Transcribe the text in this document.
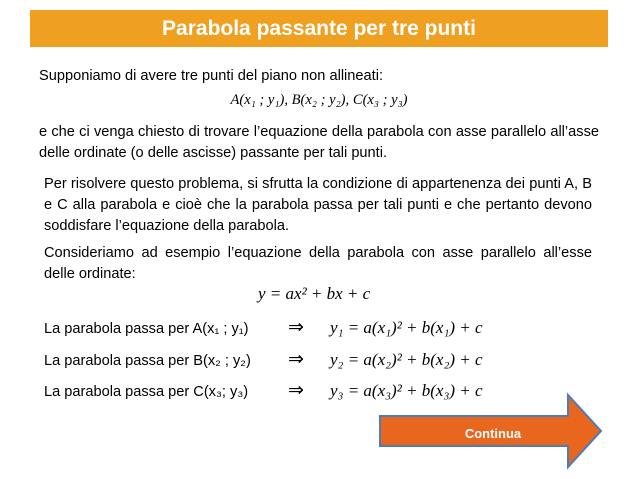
Parabola passante per tre punti
Supponiamo di avere tre punti del piano non allineati:
A(x₁ ; y₁), B(x₂ ; y₂), C(x₃ ; y₃)
e che ci venga chiesto di trovare l’equazione della parabola con asse parallelo all’asse delle ordinate (o delle ascisse) passante per tali punti.
Per risolvere questo problema, si sfrutta la condizione di appartenenza dei punti A, B e C alla parabola e cioè che la parabola passa per tali punti e che pertanto devono soddisfare l’equazione della parabola.
Consideriamo ad esempio l’equazione della parabola con asse parallelo all’esse delle ordinate:
y = ax² + bx + c
La parabola passa per A(x₁ ; y₁) ⇒ y₁ = a(x₁)² + b(x₁) + c
La parabola passa per B(x₂ ; y₂) ⇒ y₂ = a(x₂)² + b(x₂) + c
La parabola passa per C(x₃; y₃) ⇒ y₃ = a(x₃)² + b(x₃) + c
Continua
